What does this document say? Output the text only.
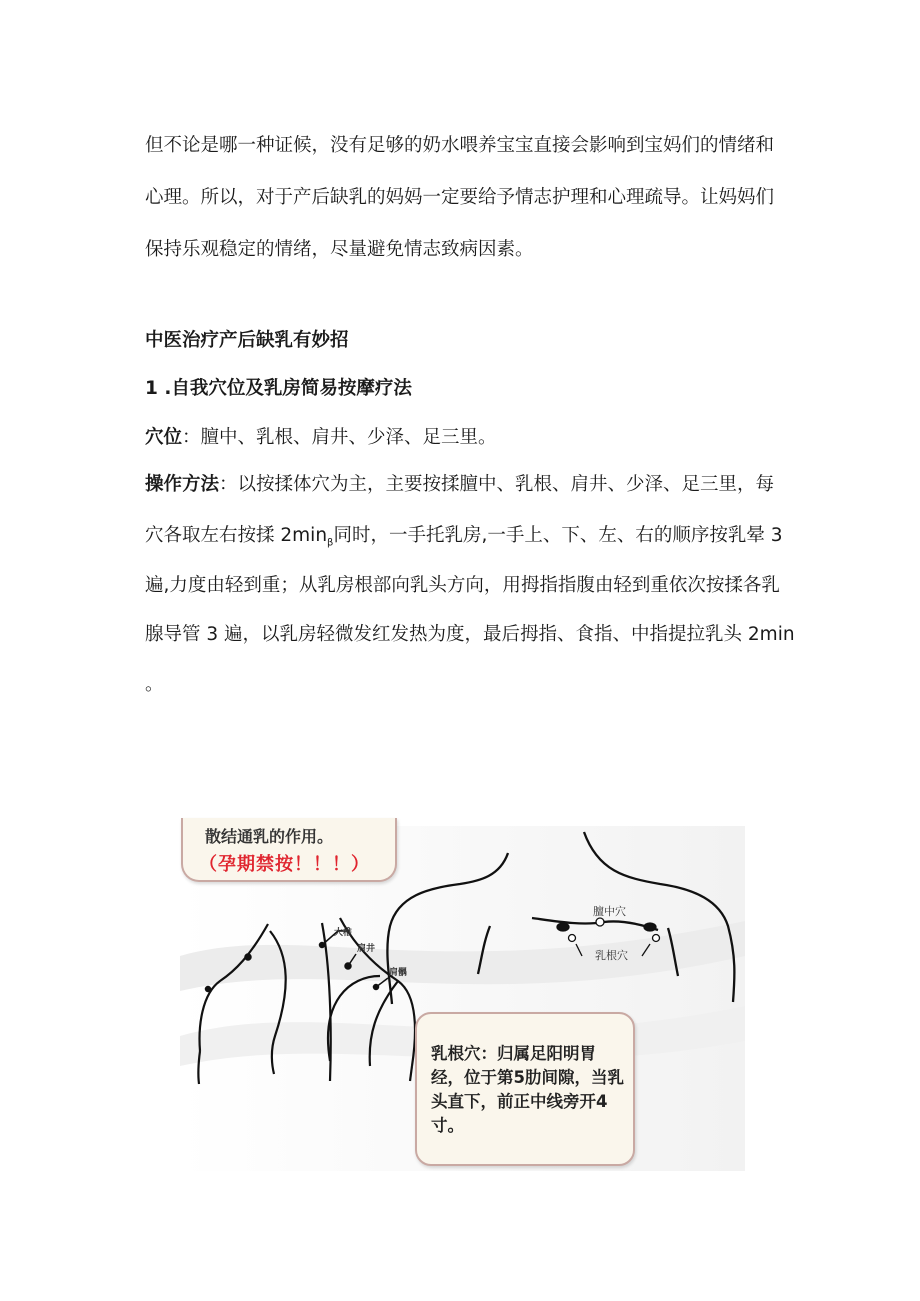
但不论是哪一种证候，没有足够的奶水喂养宝宝直接会影响到宝妈们的情绪和心理。所以，对于产后缺乳的妈妈一定要给予情志护理和心理疏导。让妈妈们保持乐观稳定的情绪，尽量避免情志致病因素。

中医治疗产后缺乳有妙招

1 .自我穴位及乳房简易按摩疗法

穴位：膻中、乳根、肩井、少泽、足三里。

操作方法：以按揉体穴为主，主要按揉膻中、乳根、肩井、少泽、足三里，每

穴各取左右按揉 $2\min_\beta$同时，一手托乳房,一手上、下、左、右的顺序按乳晕 3

遍,力度由轻到重；从乳房根部向乳头方向，用拇指指腹由轻到重依次按揉各乳

腺导管 3 遍，以乳房轻微发红发热为度，最后拇指、食指、中指提拉乳头 2min

。

大椎
肩井
肩髃
膻中穴
乳根穴
散结通乳的作用。
（孕期禁按！！！）
乳根穴：归属足阳明胃经，位于第5肋间隙，当乳头直下，前正中线旁开4寸。
